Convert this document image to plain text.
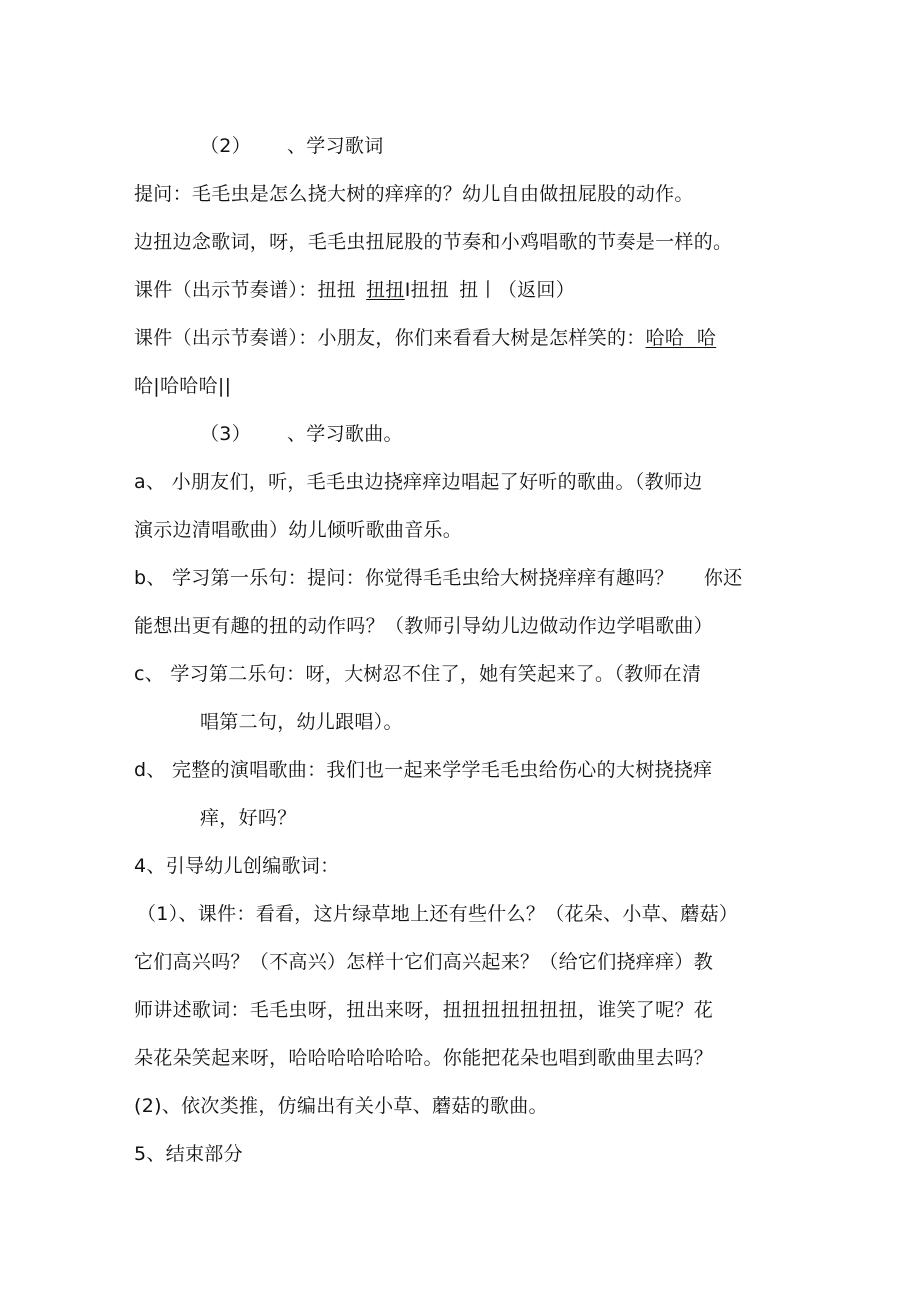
（2） 、学习歌词
提问：毛毛虫是怎么挠大树的痒痒的？幼儿自由做扭屁股的动作。
边扭边念歌词，呀，毛毛虫扭屁股的节奏和小鸡唱歌的节奏是一样的。
课件（出示节奏谱）：扭扭 扭扭I扭扭 扭丨（返回）
课件（出示节奏谱）：小朋友，你们来看看大树是怎样笑的：哈哈 哈
哈|哈哈哈||
（3） 、学习歌曲。
a、 小朋友们，听，毛毛虫边挠痒痒边唱起了好听的歌曲。（教师边
演示边清唱歌曲）幼儿倾听歌曲音乐。
b、 学习第一乐句：提问：你觉得毛毛虫给大树挠痒痒有趣吗？ 你还
能想出更有趣的扭的动作吗？（教师引导幼儿边做动作边学唱歌曲）
c、 学习第二乐句：呀，大树忍不住了，她有笑起来了。（教师在清
唱第二句，幼儿跟唱）。
d、 完整的演唱歌曲：我们也一起来学学毛毛虫给伤心的大树挠挠痒
痒，好吗？
4、引导幼儿创编歌词：
（1）、课件：看看，这片绿草地上还有些什么？（花朵、小草、蘑菇）
它们高兴吗？（不高兴）怎样十它们高兴起来？（给它们挠痒痒）教
师讲述歌词：毛毛虫呀，扭出来呀，扭扭扭扭扭扭扭，谁笑了呢？花
朵花朵笑起来呀，哈哈哈哈哈哈哈。你能把花朵也唱到歌曲里去吗？
(2)、依次类推，仿编出有关小草、蘑菇的歌曲。
5、结束部分
